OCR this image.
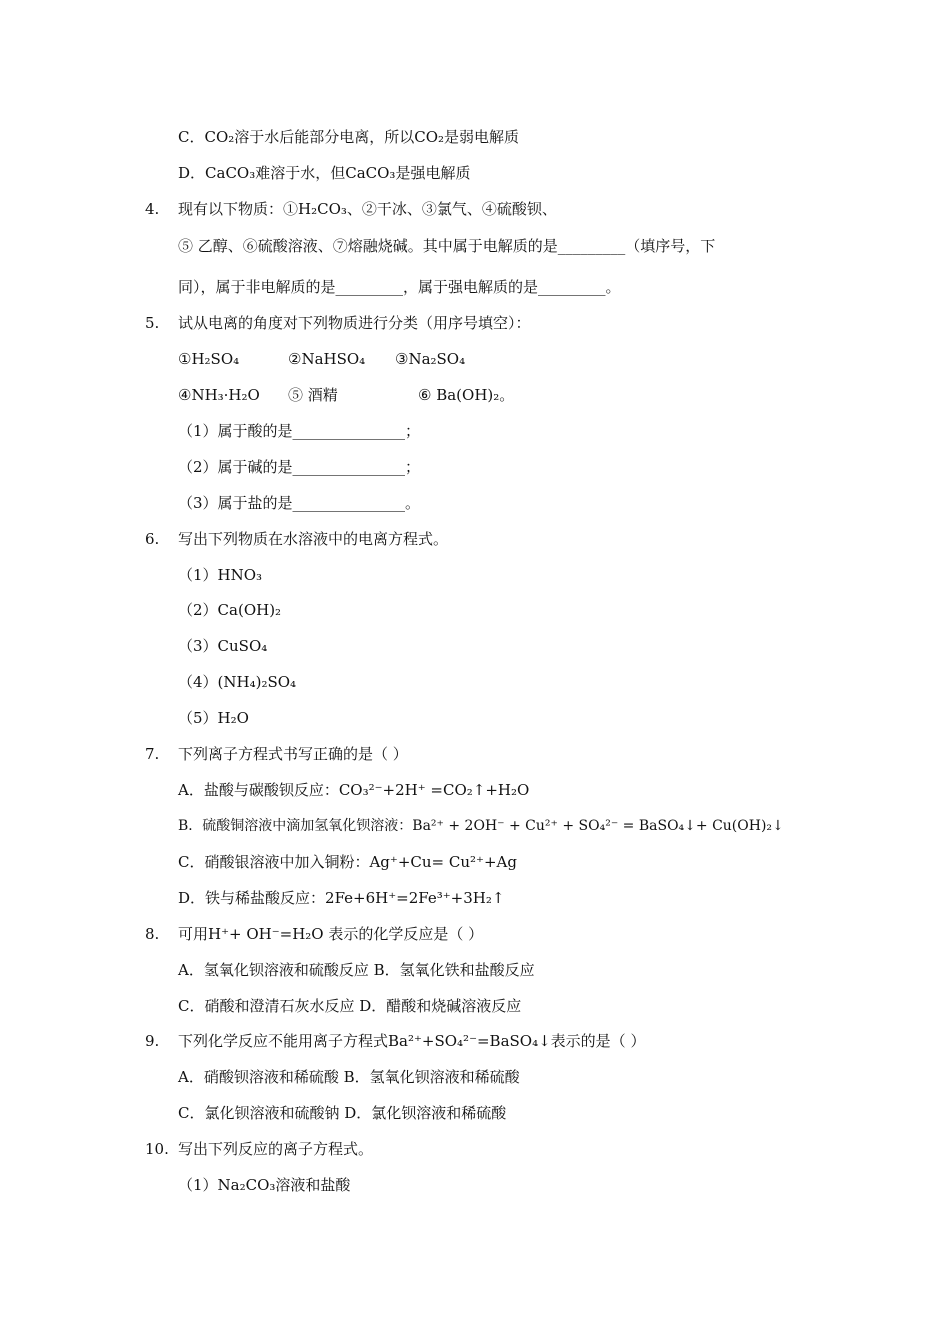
C．CO₂溶于水后能部分电离，所以CO₂是弱电解质
D．CaCO₃难溶于水，但CaCO₃是强电解质
4. 现有以下物质：①H₂CO₃、②干冰、③氯气、④硫酸钡、
⑤ 乙醇、⑥硫酸溶液、⑦熔融烧碱。其中属于电解质的是_________（填序号，下
同），属于非电解质的是_________，属于强电解质的是_________。
5. 试从电离的角度对下列物质进行分类（用序号填空）：
①H₂SO₄	②NaHSO₄ ③Na₂SO₄
④NH₃·H₂O ⑤ 酒精	⑥ Ba(OH)₂。
（1）属于酸的是_______________；
（2）属于碱的是_______________；
（3）属于盐的是_______________。
6. 写出下列物质在水溶液中的电离方程式。
（1）HNO₃
（2）Ca(OH)₂
（3）CuSO₄
（4）(NH₄)₂SO₄
（5）H₂O
7. 下列离子方程式书写正确的是（ ）
A．盐酸与碳酸钡反应：CO₃²⁻+2H⁺ =CO₂↑+H₂O
B．硫酸铜溶液中滴加氢氧化钡溶液：Ba²⁺ + 2OH⁻ + Cu²⁺ + SO₄²⁻ = BaSO₄↓+ Cu(OH)₂↓
C．硝酸银溶液中加入铜粉：Ag⁺+Cu= Cu²⁺+Ag
D．铁与稀盐酸反应：2Fe+6H⁺=2Fe³⁺+3H₂↑
8. 可用H⁺+ OH⁻=H₂O 表示的化学反应是（ ）
A．氢氧化钡溶液和硫酸反应 B．氢氧化铁和盐酸反应
C．硝酸和澄清石灰水反应 D．醋酸和烧碱溶液反应
9. 下列化学反应不能用离子方程式Ba²⁺+SO₄²⁻=BaSO₄↓表示的是（ ）
A．硝酸钡溶液和稀硫酸 B．氢氧化钡溶液和稀硫酸
C．氯化钡溶液和硫酸钠 D．氯化钡溶液和稀硫酸
10. 写出下列反应的离子方程式。
（1）Na₂CO₃溶液和盐酸
